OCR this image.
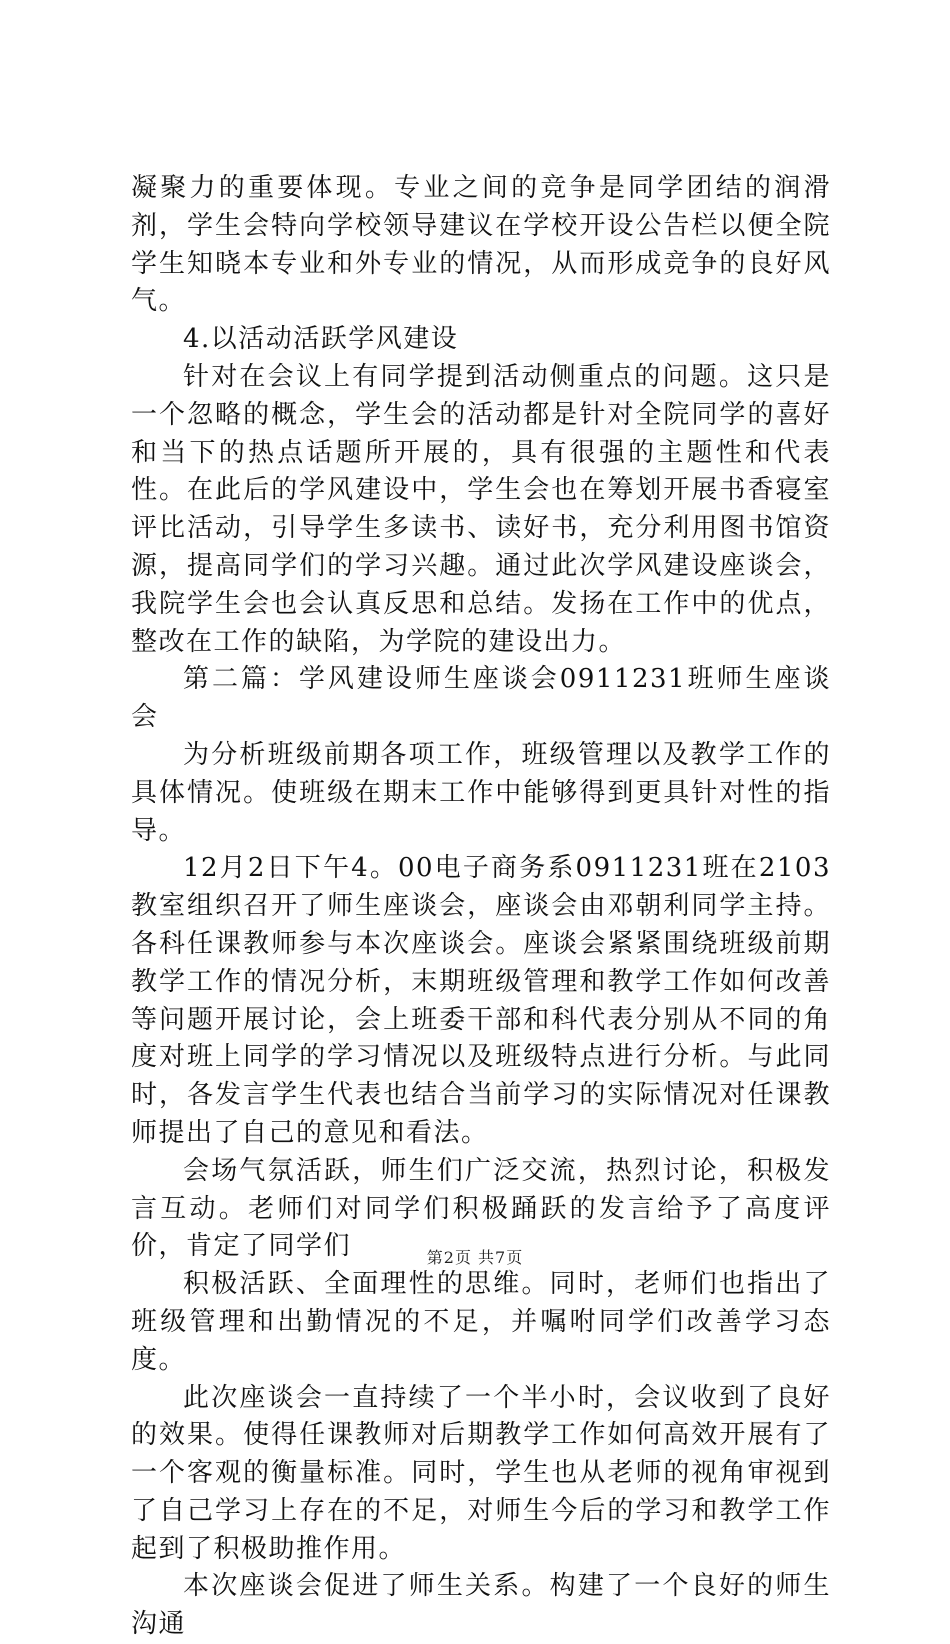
凝聚力的重要体现。专业之间的竞争是同学团结的润滑剂，学生会特向学校领导建议在学校开设公告栏以便全院学生知晓本专业和外专业的情况，从而形成竞争的良好风气。

4.以活动活跃学风建设

针对在会议上有同学提到活动侧重点的问题。这只是一个忽略的概念，学生会的活动都是针对全院同学的喜好和当下的热点话题所开展的，具有很强的主题性和代表性。在此后的学风建设中，学生会也在筹划开展书香寝室评比活动，引导学生多读书、读好书，充分利用图书馆资源，提高同学们的学习兴趣。通过此次学风建设座谈会，我院学生会也会认真反思和总结。发扬在工作中的优点，整改在工作的缺陷，为学院的建设出力。

第二篇：学风建设师生座谈会0911231班师生座谈会

为分析班级前期各项工作，班级管理以及教学工作的具体情况。使班级在期末工作中能够得到更具针对性的指导。

12月2日下午4。00电子商务系0911231班在2103教室组织召开了师生座谈会，座谈会由邓朝利同学主持。各科任课教师参与本次座谈会。座谈会紧紧围绕班级前期教学工作的情况分析，末期班级管理和教学工作如何改善等问题开展讨论，会上班委干部和科代表分别从不同的角度对班上同学的学习情况以及班级特点进行分析。与此同时，各发言学生代表也结合当前学习的实际情况对任课教师提出了自己的意见和看法。

会场气氛活跃，师生们广泛交流，热烈讨论，积极发言互动。老师们对同学们积极踊跃的发言给予了高度评价，肯定了同学们

积极活跃、全面理性的思维。同时，老师们也指出了班级管理和出勤情况的不足，并嘱咐同学们改善学习态度。

此次座谈会一直持续了一个半小时，会议收到了良好的效果。使得任课教师对后期教学工作如何高效开展有了一个客观的衡量标准。同时，学生也从老师的视角审视到了自己学习上存在的不足，对师生今后的学习和教学工作起到了积极助推作用。

本次座谈会促进了师生关系。构建了一个良好的师生沟通

第2页 共7页
